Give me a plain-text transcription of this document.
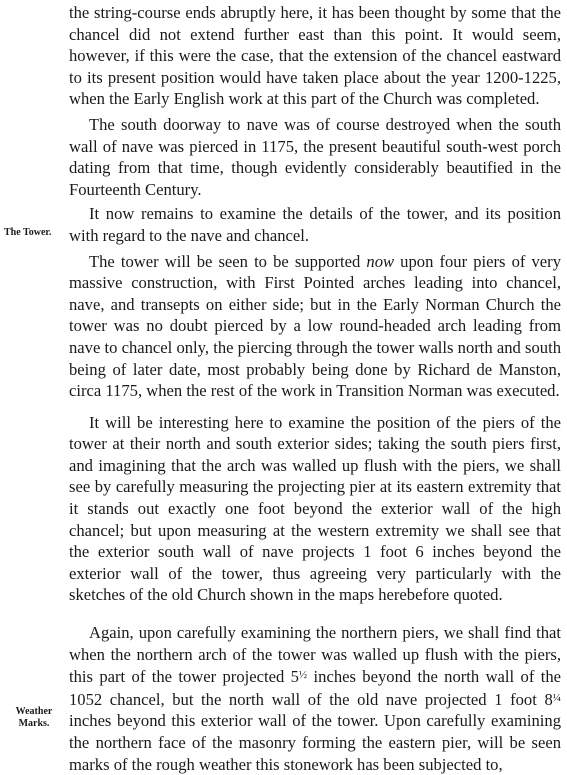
The Tower.
Weather
Marks.

the string-course ends abruptly here, it has been thought by some that the chancel did not extend further east than this point. It would seem, however, if this were the case, that the extension of the chancel eastward to its present position would have taken place about the year 1200-1225, when the Early English work at this part of the Church was completed.

The south doorway to nave was of course destroyed when the south wall of nave was pierced in 1175, the present beautiful south-west porch dating from that time, though evidently considerably beautified in the Fourteenth Century.

It now remains to examine the details of the tower, and its position with regard to the nave and chancel.

The tower will be seen to be supported now upon four piers of very massive construction, with First Pointed arches leading into chancel, nave, and transepts on either side; but in the Early Norman Church the tower was no doubt pierced by a low round-headed arch leading from nave to chancel only, the piercing through the tower walls north and south being of later date, most probably being done by Richard de Manston, circa 1175, when the rest of the work in Transition Norman was executed.

It will be interesting here to examine the position of the piers of the tower at their north and south exterior sides; taking the south piers first, and imagining that the arch was walled up flush with the piers, we shall see by carefully measuring the projecting pier at its eastern extremity that it stands out exactly one foot beyond the exterior wall of the high chancel; but upon measuring at the western extremity we shall see that the exterior south wall of nave projects 1 foot 6 inches beyond the exterior wall of the tower, thus agreeing very particularly with the sketches of the old Church shown in the maps herebefore quoted.

Again, upon carefully examining the northern piers, we shall find that when the northern arch of the tower was walled up flush with the piers, this part of the tower projected $5^{\frac{1}{2}}$ inches beyond the north wall of the 1052 chancel, but the north wall of the old nave projected 1 foot $8^{\frac{1}{4}}$ inches beyond this exterior wall of the tower. Upon carefully examining the northern face of the masonry forming the eastern pier, will be seen marks of the rough weather this stonework has been subjected to,
